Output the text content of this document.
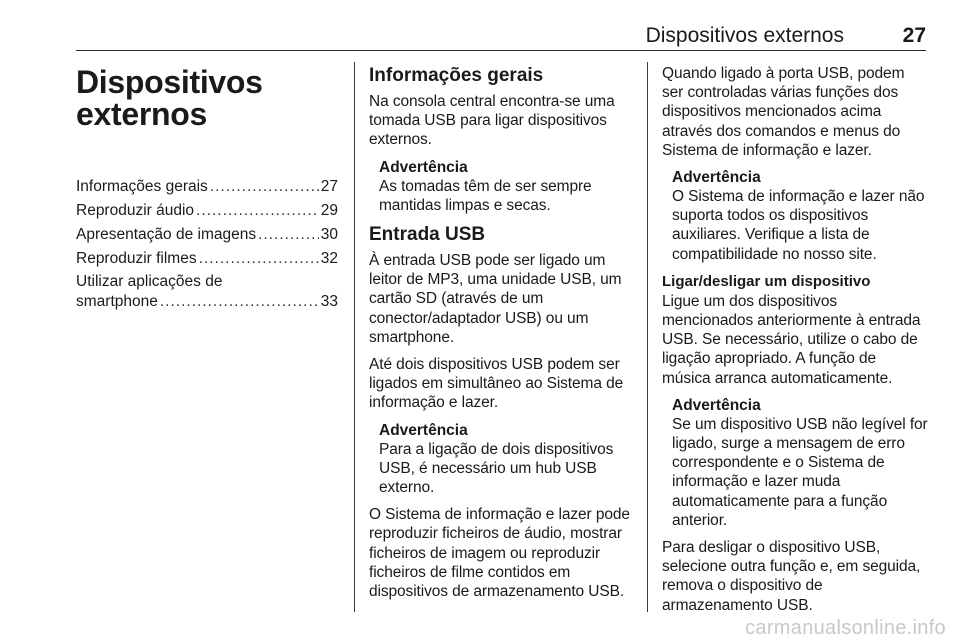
Dispositivos externos	27
Dispositivos
externos
Informações gerais .....	27
Reproduzir áudio .....	29
Apresentação de imagens .....	30
Reproduzir filmes .....	32
Utilizar aplicações de
smartphone .....	33
Informações gerais
Na consola central encontra-se uma tomada USB para ligar dispositivos externos.
Advertência
As tomadas têm de ser sempre mantidas limpas e secas.
Entrada USB
À entrada USB pode ser ligado um leitor de MP3, uma unidade USB, um cartão SD (através de um conector/adaptador USB) ou um smartphone.
Até dois dispositivos USB podem ser ligados em simultâneo ao Sistema de informação e lazer.
Advertência
Para a ligação de dois dispositivos USB, é necessário um hub USB externo.
O Sistema de informação e lazer pode reproduzir ficheiros de áudio, mostrar ficheiros de imagem ou reproduzir ficheiros de filme contidos em dispositivos de armazenamento USB.
Quando ligado à porta USB, podem ser controladas várias funções dos dispositivos mencionados acima através dos comandos e menus do Sistema de informação e lazer.
Advertência
O Sistema de informação e lazer não suporta todos os dispositivos auxiliares. Verifique a lista de compatibilidade no nosso site.
Ligar/desligar um dispositivo
Ligue um dos dispositivos mencionados anteriormente à entrada USB. Se necessário, utilize o cabo de ligação apropriado. A função de música arranca automaticamente.
Advertência
Se um dispositivo USB não legível for ligado, surge a mensagem de erro correspondente e o Sistema de informação e lazer muda automaticamente para a função anterior.
Para desligar o dispositivo USB, selecione outra função e, em seguida, remova o dispositivo de armazenamento USB.
carmanualsonline.info
